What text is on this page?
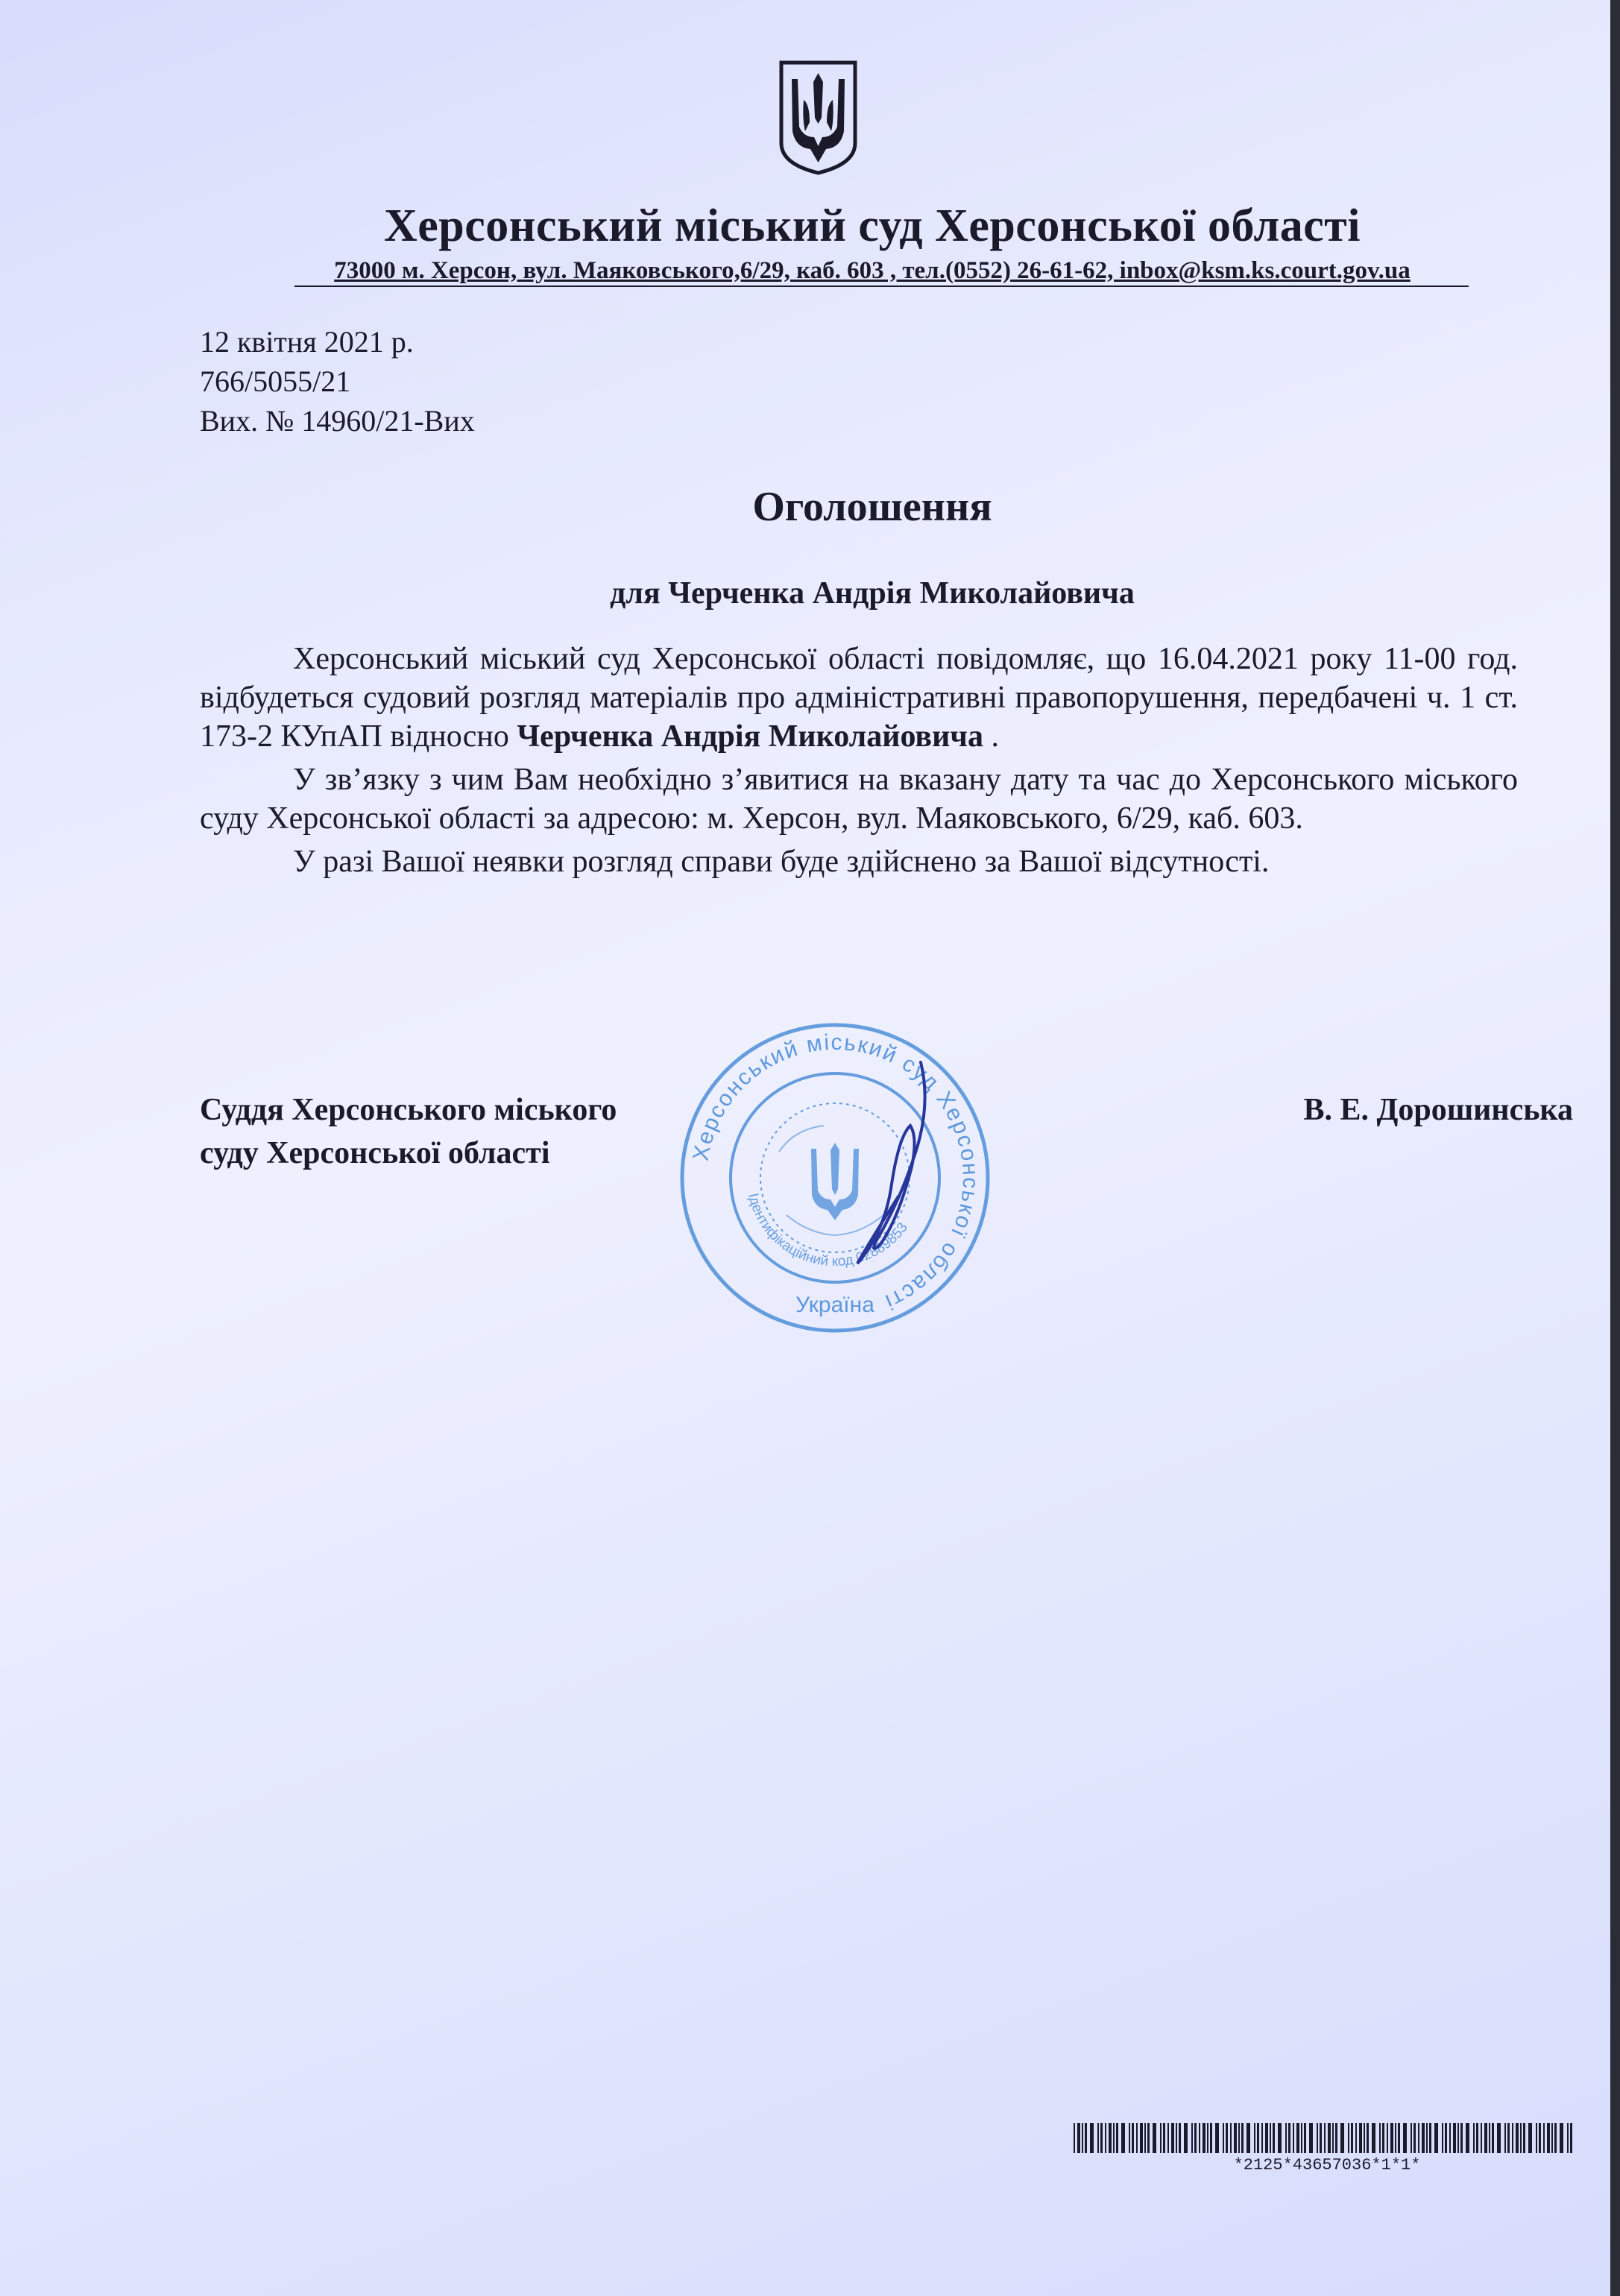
Херсонський міський суд Херсонської області
73000 м. Херсон, вул. Маяковського,6/29, каб. 603 , тел.(0552) 26-61-62, inbox@ksm.ks.court.gov.ua
12 квітня 2021 р.
766/5055/21
Вих. № 14960/21-Вих
Оголошення
для Черченка Андрія Миколайовича

Херсонський міський суд Херсонської області повідомляє, що 16.04.2021 року 11-00 год. відбудеться судовий розгляд матеріалів про адміністративні правопорушення, передбачені ч. 1 ст. 173-2 КУпАП відносно Черченка Андрія Миколайовича .

У зв’язку з чим Вам необхідно з’явитися на вказану дату та час до Херсонського міського суду Херсонської області за адресою: м. Херсон, вул. Маяковського, 6/29, каб. 603.

У разі Вашої неявки розгляд справи буде здійснено за Вашої відсутності.

Херсонський міський суд Херсонської області
Ідентифікаційний код 02889853
Україна
Суддя Херсонського міського
суду Херсонської області
В. Е. Дорошинська
*2125*43657036*1*1*
